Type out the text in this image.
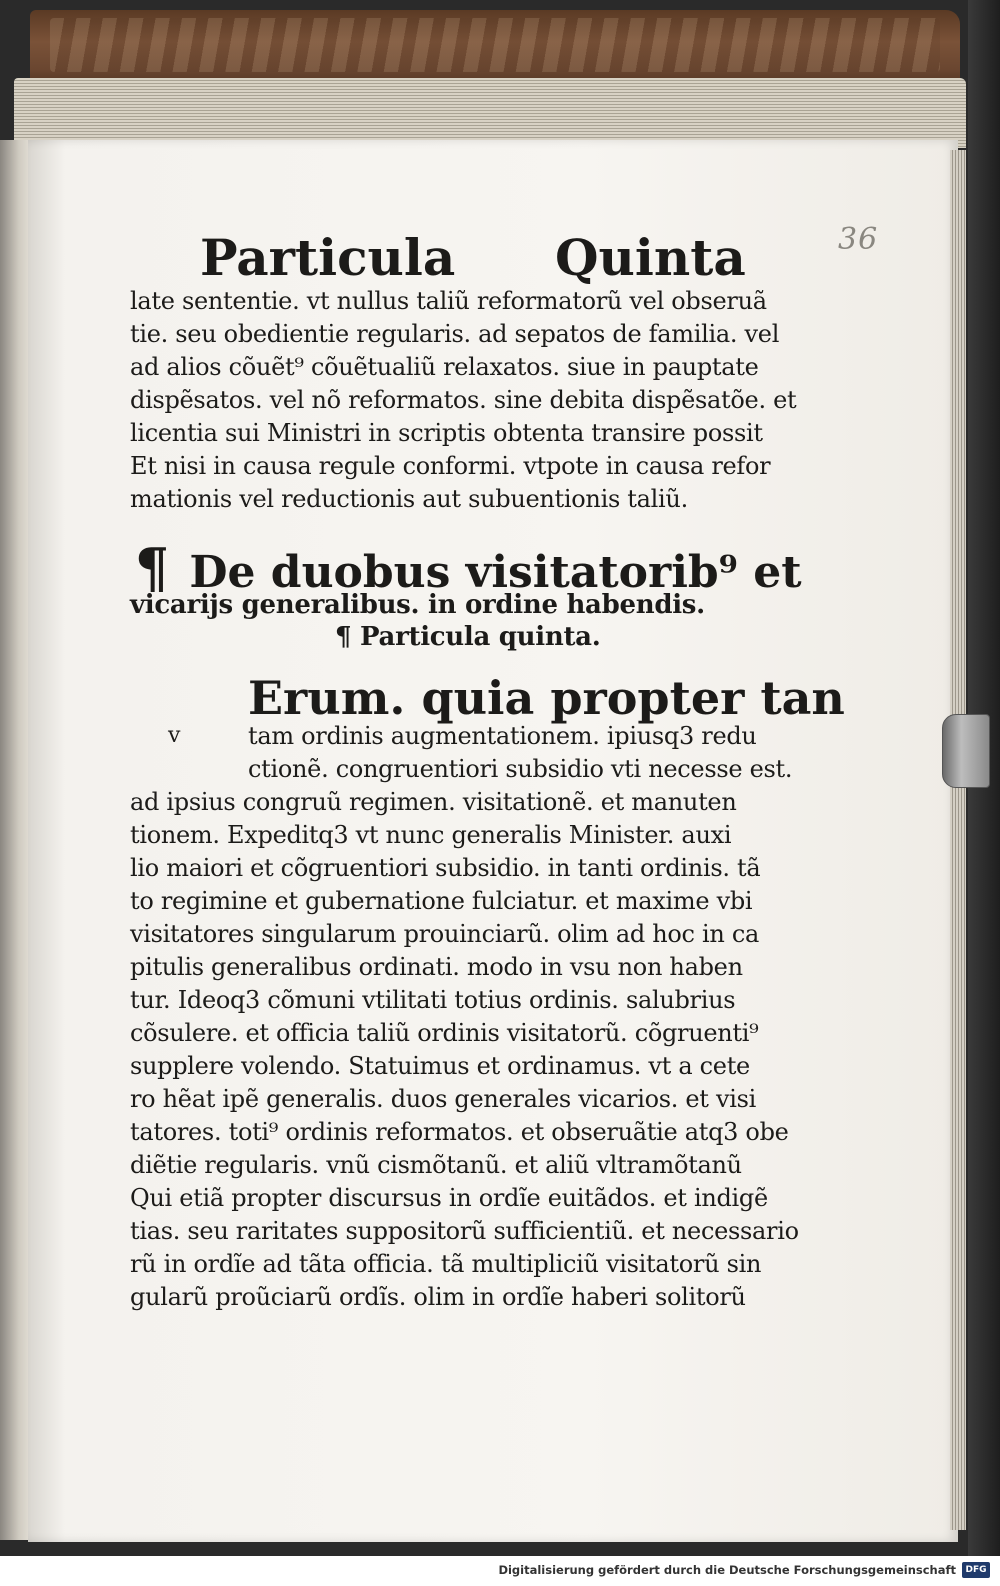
36
Particula Quinta
late sententie. vt nullus taliũ reformatorũ vel obseruã
tie. seu obedientie regularis. ad sepatos de familia. vel
ad alios cõuẽt⁹ cõuẽtualiũ relaxatos. siue in pauptate
dispẽsatos. vel nõ reformatos. sine debita dispẽsatõe. et
licentia sui Ministri in scriptis obtenta transire possit
Et nisi in causa regule conformi. vtpote in causa refor
mationis vel reductionis aut subuentionis taliũ.
¶ De duobus visitatorib⁹ et
vicarijs generalibus. in ordine habendis.
¶ Particula quinta.
Erum. quia propter tan
v	tam ordinis augmentationem. ipiusq3 redu
ctionẽ. congruentiori subsidio vti necesse est.
ad ipsius congruũ regimen. visitationẽ. et manuten
tionem. Expeditq3 vt nunc generalis Minister. auxi
lio maiori et cõgruentiori subsidio. in tanti ordinis. tã
to regimine et gubernatione fulciatur. et maxime vbi
visitatores singularum prouinciarũ. olim ad hoc in ca
pitulis generalibus ordinati. modo in vsu non haben
tur. Ideoq3 cõmuni vtilitati totius ordinis. salubrius
cõsulere. et officia taliũ ordinis visitatorũ. cõgruenti⁹
supplere volendo. Statuimus et ordinamus. vt a cete
ro hẽat ipẽ generalis. duos generales vicarios. et visi
tatores. toti⁹ ordinis reformatos. et obseruãtie atq3 obe
diẽtie regularis. vnũ cismõtanũ. et aliũ vltramõtanũ
Qui etiã propter discursus in ordĩe euitãdos. et indigẽ
tias. seu raritates suppositorũ sufficientiũ. et necessario
rũ in ordĩe ad tãta officia. tã multipliciũ visitatorũ sin
gularũ proũciarũ ordĩs. olim in ordĩe haberi solitorũ
Digitalisierung gefördert durch die Deutsche Forschungsgemeinschaft	DFG
